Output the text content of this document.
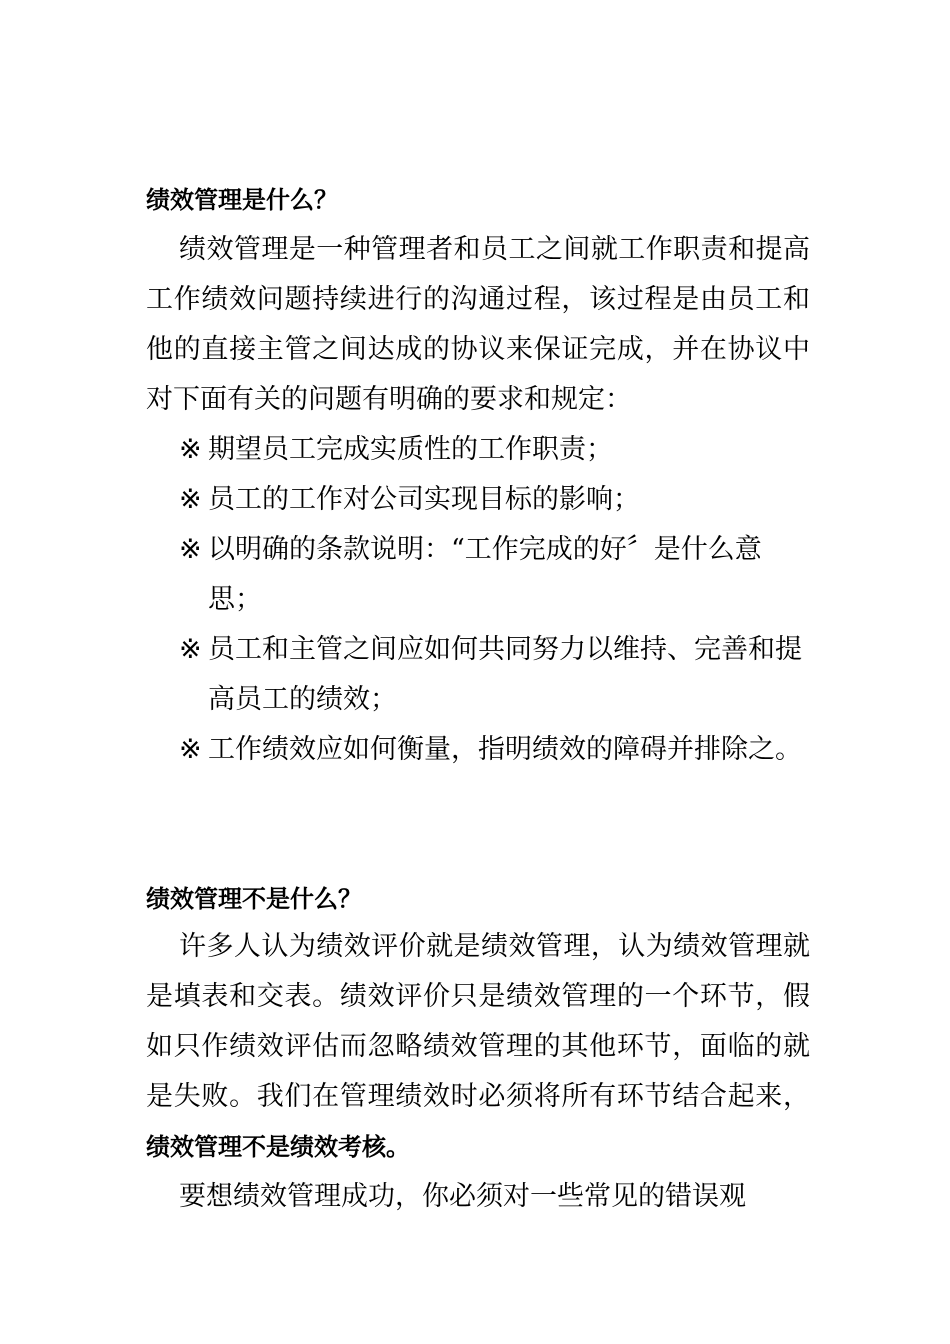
绩效管理是什么？
绩效管理是一种管理者和员工之间就工作职责和提高工作绩效问题持续进行的沟通过程，该过程是由员工和他的直接主管之间达成的协议来保证完成，并在协议中对下面有关的问题有明确的要求和规定：
※ 期望员工完成实质性的工作职责；
※ 员工的工作对公司实现目标的影响；
※ 以明确的条款说明：“工作完成的好〞是什么意思；
※ 员工和主管之间应如何共同努力以维持、完善和提高员工的绩效；
※ 工作绩效应如何衡量，指明绩效的障碍并排除之。
绩效管理不是什么？
许多人认为绩效评价就是绩效管理，认为绩效管理就是填表和交表。绩效评价只是绩效管理的一个环节，假如只作绩效评估而忽略绩效管理的其他环节，面临的就是失败。我们在管理绩效时必须将所有环节结合起来，绩效管理不是绩效考核。
要想绩效管理成功，你必须对一些常见的错误观
